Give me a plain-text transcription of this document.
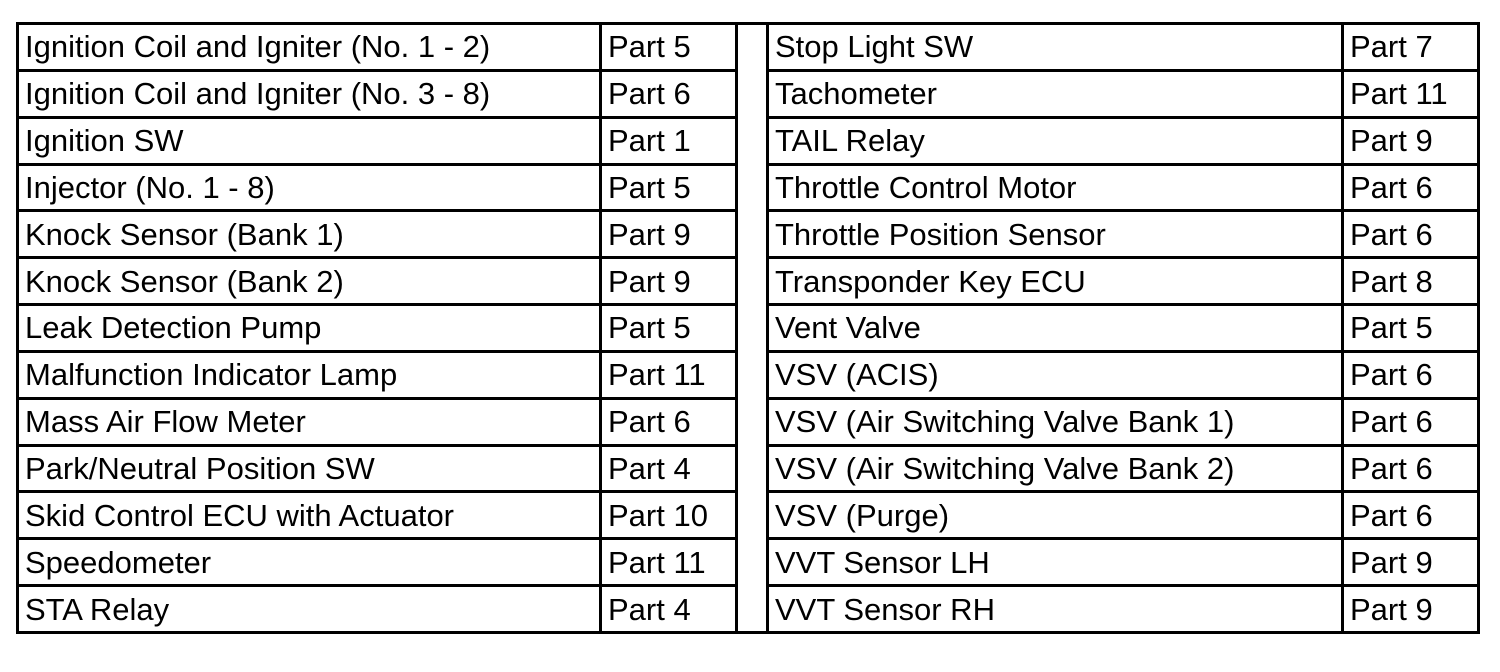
Ignition Coil and Igniter (No. 1 - 2)	Part 5
Ignition Coil and Igniter (No. 3 - 8)	Part 6
Ignition SW	Part 1
Injector (No. 1 - 8)	Part 5
Knock Sensor (Bank 1)	Part 9
Knock Sensor (Bank 2)	Part 9
Leak Detection Pump	Part 5
Malfunction Indicator Lamp	Part 11
Mass Air Flow Meter	Part 6
Park/Neutral Position SW	Part 4
Skid Control ECU with Actuator	Part 10
Speedometer	Part 11
STA Relay	Part 4
Stop Light SW	Part 7
Tachometer	Part 11
TAIL Relay	Part 9
Throttle Control Motor	Part 6
Throttle Position Sensor	Part 6
Transponder Key ECU	Part 8
Vent Valve	Part 5
VSV (ACIS)	Part 6
VSV (Air Switching Valve Bank 1)	Part 6
VSV (Air Switching Valve Bank 2)	Part 6
VSV (Purge)	Part 6
VVT Sensor LH	Part 9
VVT Sensor RH	Part 9
